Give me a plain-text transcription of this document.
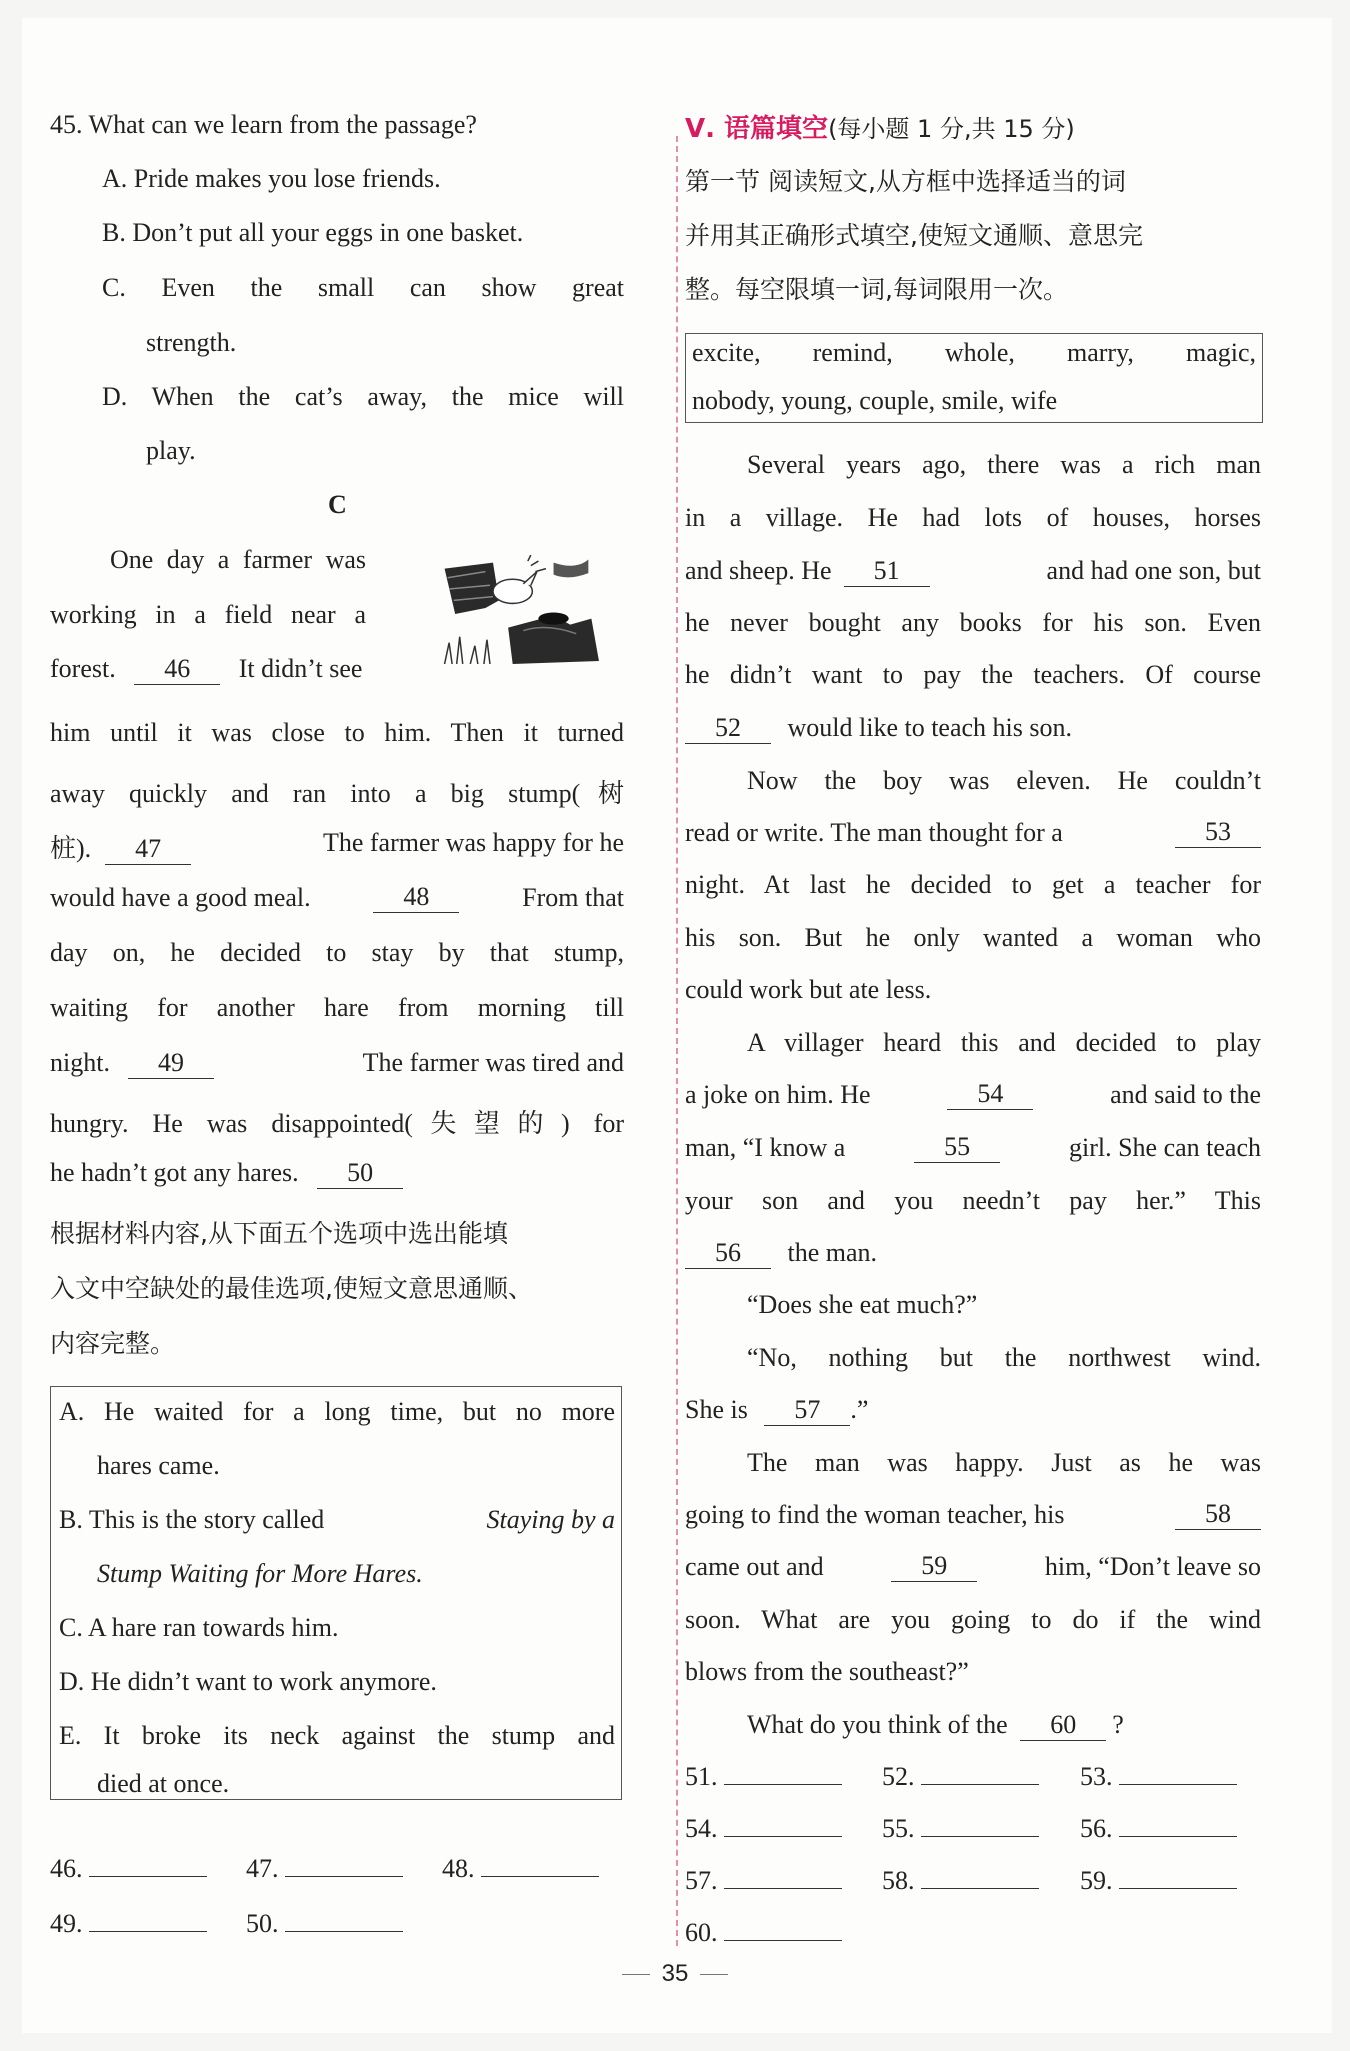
45. What can we learn from the passage?
A. Pride makes you lose friends.
B. Don’t put all your eggs in one basket.
C. Even the small can show great
strength.
D. When the cat’s away, the mice will
play.
C
One day a farmer was
working in a field near a
forest. 46 It didn’t see
him until it was close to him. Then it turned
away quickly and ran into a big stump(树
桩). 47	The farmer was happy for he
would have a good meal.	48	From that
day on, he decided to stay by that stump,
waiting for another hare from morning till
night. 49	The farmer was tired and
hungry. He was disappointed(失望的) for
he hadn’t got any hares. 50
根据材料内容,从下面五个选项中选出能填
入文中空缺处的最佳选项,使短文意思通顺、
内容完整。
A. He waited for a long time, but no more
hares came.
B. This is the story called	Staying by a
Stump Waiting for More Hares.
C. A hare ran towards him.
D. He didn’t want to work anymore.
E. It broke its neck against the stump and
died at once.
46.	47.	48.
49.	50.
Ⅴ. 语篇填空(每小题 1 分,共 15 分)
第一节 阅读短文,从方框中选择适当的词
并用其正确形式填空,使短文通顺、意思完
整。每空限填一词,每词限用一次。
excite, remind, whole, marry, magic,
nobody, young, couple, smile, wife
Several years ago, there was a rich man
in a village. He had lots of houses, horses
and sheep. He 51	and had one son, but
he never bought any books for his son. Even
he didn’t want to pay the teachers. Of course
52 would like to teach his son.
Now the boy was eleven. He couldn’t
read or write. The man thought for a	53
night. At last he decided to get a teacher for
his son. But he only wanted a woman who
could work but ate less.
A villager heard this and decided to play
a joke on him. He	54	and said to the
man, “I know a	55	girl. She can teach
your son and you needn’t pay her.” This
56 the man.
“Does she eat much?”
“No, nothing but the northwest wind.
She is 57 .”
The man was happy. Just as he was
going to find the woman teacher, his	58
came out and	59	him, “Don’t leave so
soon. What are you going to do if the wind
blows from the southeast?”
What do you think of the 60 ?
51.	52.	53.
54.	55.	56.
57.	58.	59.
60.
35
